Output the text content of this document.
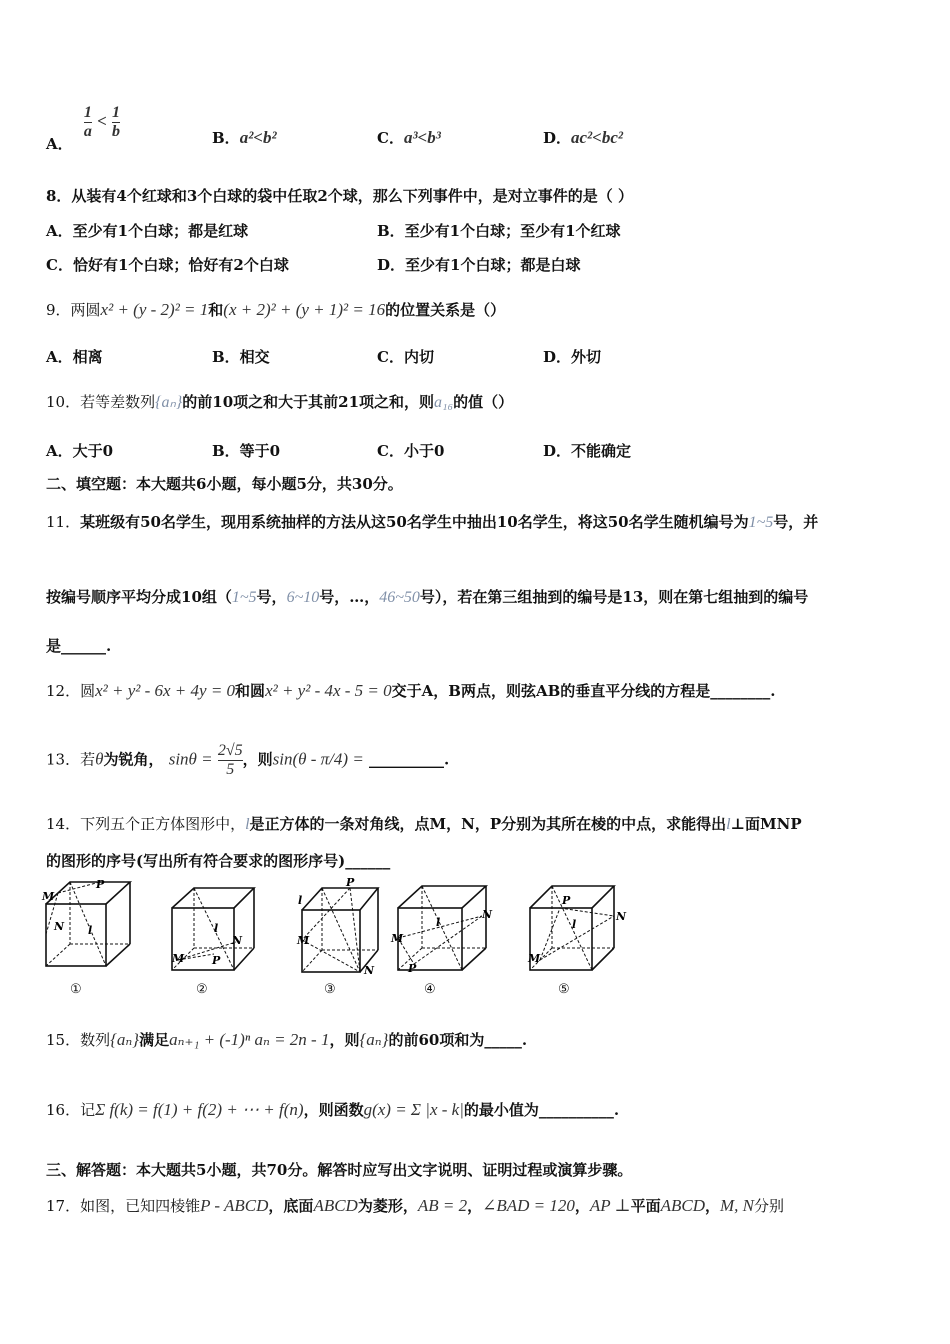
A．
$\frac{1}{a} < \frac{1}{b}$	B．a²<b²	C．a³<b³	D．ac²<bc²
8．从装有4个红球和3个白球的袋中任取2个球，那么下列事件中，是对立事件的是（ ）
A．至少有1个白球；都是红球	B．至少有1个白球；至少有1个红球
C．恰好有1个白球；恰好有2个白球	D．至少有1个白球；都是白球
9．两圆x² + (y - 2)² = 1和(x + 2)² + (y + 1)² = 16的位置关系是（）
A．相离	B．相交	C．内切	D．外切
10．若等差数列{aₙ}的前10项之和大于其前21项之和，则a₁₆的值（）
A．大于0	B．等于0	C．小于0	D．不能确定
二、填空题：本大题共6小题，每小题5分，共30分。
11．某班级有50名学生，现用系统抽样的方法从这50名学生中抽出10名学生，将这50名学生随机编号为1~5号，并
按编号顺序平均分成10组（1~5号，6~10号，…，46~50号），若在第三组抽到的编号是13，则在第七组抽到的编号
是______.
12．圆x² + y² - 6x + 4y = 0和圆x² + y² - 4x - 5 = 0交于A，B两点，则弦AB的垂直平分线的方程是________.
13．若θ为锐角， $\sin\theta = \frac{2√5}{5}$ ，则sin(θ - π/4) = __________.
14．下列五个正方体图形中，l是正方体的一条对角线，点M，N，P分别为其所在棱的中点，求能得出l⊥面MNP
的图形的序号(写出所有符合要求的图形序号)______
M
P
N l
①
M
N
P
l
②
P
l
M
N
③
M
N
P
l
④
P
N
M
l
⑤
15．数列{aₙ}满足aₙ₊₁ + (-1)ⁿ aₙ = 2n - 1，则{aₙ}的前60项和为_____.
16．记Σ f(k) = f(1) + f(2) + ⋯ + f(n)，则函数g(x) = Σ |x - k|的最小值为__________.
三、解答题：本大题共5小题，共70分。解答时应写出文字说明、证明过程或演算步骤。
17．如图，已知四棱锥P - ABCD，底面ABCD为菱形，AB = 2，∠BAD = 120，AP ⊥平面ABCD，M, N分别
